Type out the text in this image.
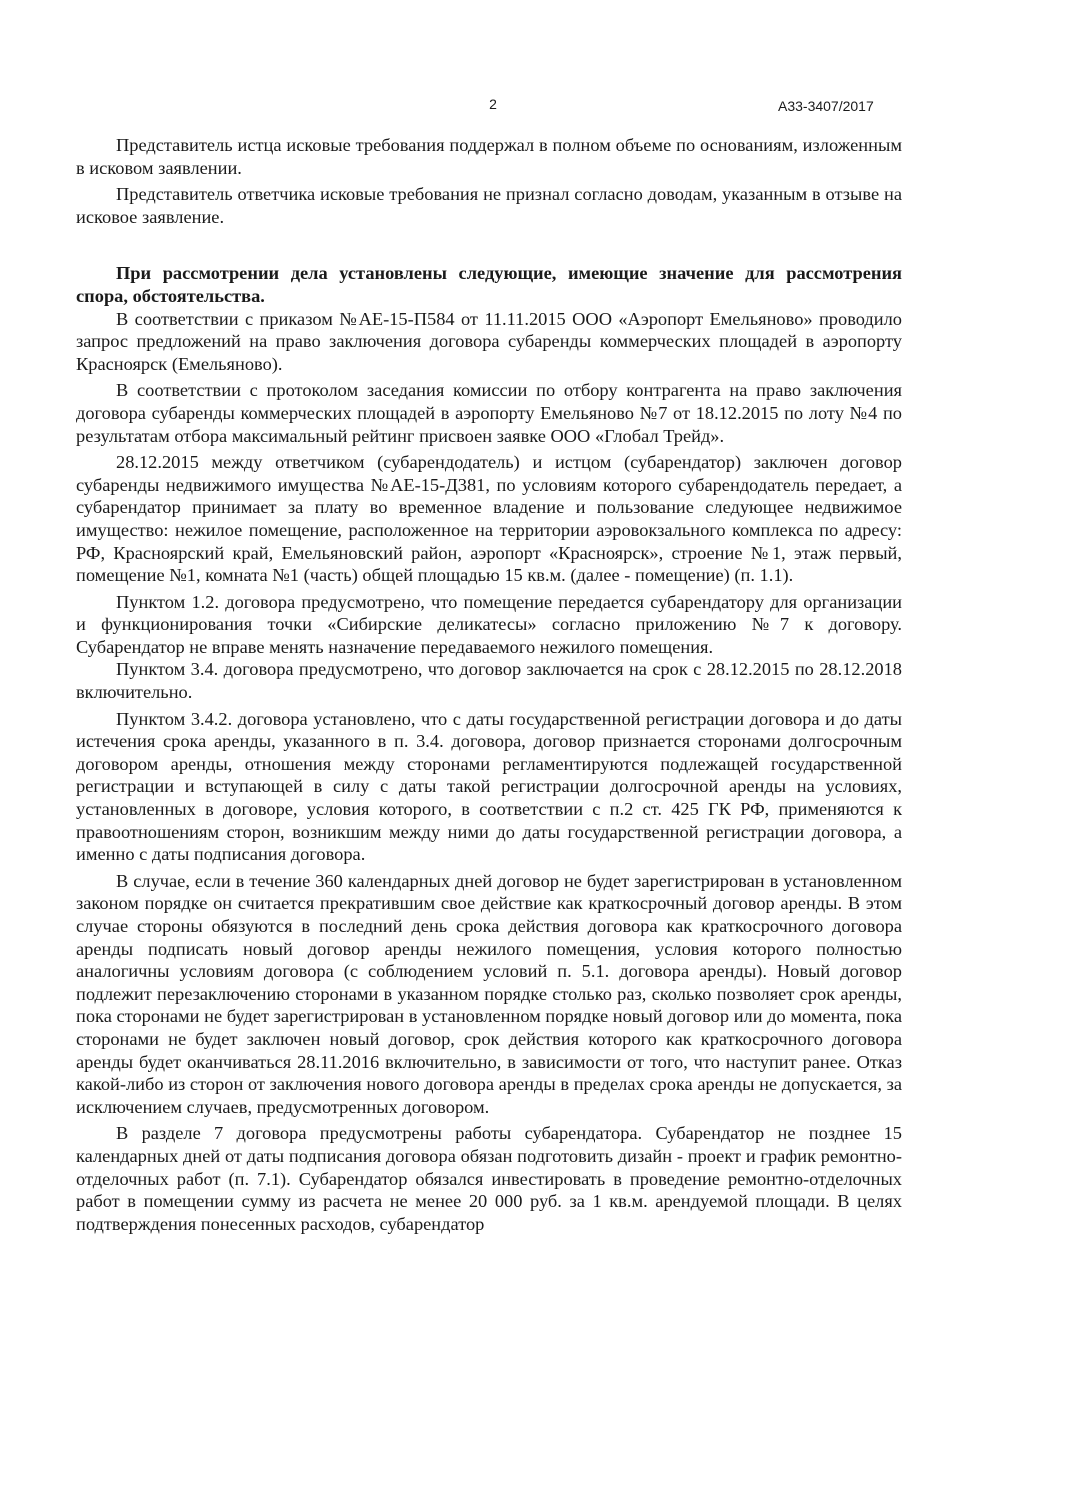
2	А33-3407/2017

Представитель истца исковые требования поддержал в полном объеме по основаниям, изложенным в исковом заявлении.

Представитель ответчика исковые требования не признал согласно доводам, указанным в отзыве на исковое заявление.

При рассмотрении дела установлены следующие, имеющие значение для рассмотрения спора, обстоятельства.

В соответствии с приказом №АЕ-15-П584 от 11.11.2015 ООО «Аэропорт Емельяново» проводило запрос предложений на право заключения договора субаренды коммерческих площадей в аэропорту Красноярск (Емельяново).

В соответствии с протоколом заседания комиссии по отбору контрагента на право заключения договора субаренды коммерческих площадей в аэропорту Емельяново №7 от 18.12.2015 по лоту №4 по результатам отбора максимальный рейтинг присвоен заявке ООО «Глобал Трейд».

28.12.2015 между ответчиком (субарендодатель) и истцом (субарендатор) заключен договор субаренды недвижимого имущества №АЕ-15-Д381, по условиям которого субарендодатель передает, а субарендатор принимает за плату во временное владение и пользование следующее недвижимое имущество: нежилое помещение, расположенное на территории аэровокзального комплекса по адресу: РФ, Красноярский край, Емельяновский район, аэропорт «Красноярск», строение №1, этаж первый, помещение №1, комната №1 (часть) общей площадью 15 кв.м. (далее - помещение) (п. 1.1).

Пунктом 1.2. договора предусмотрено, что помещение передается субарендатору для организации и функционирования точки «Сибирские деликатесы» согласно приложению №7 к договору. Субарендатор не вправе менять назначение передаваемого нежилого помещения.

Пунктом 3.4. договора предусмотрено, что договор заключается на срок с 28.12.2015 по 28.12.2018 включительно.

Пунктом 3.4.2. договора установлено, что с даты государственной регистрации договора и до даты истечения срока аренды, указанного в п. 3.4. договора, договор признается сторонами долгосрочным договором аренды, отношения между сторонами регламентируются подлежащей государственной регистрации и вступающей в силу с даты такой регистрации долгосрочной аренды на условиях, установленных в договоре, условия которого, в соответствии с п.2 ст. 425 ГК РФ, применяются к правоотношениям сторон, возникшим между ними до даты государственной регистрации договора, а именно с даты подписания договора.

В случае, если в течение 360 календарных дней договор не будет зарегистрирован в установленном законом порядке он считается прекратившим свое действие как краткосрочный договор аренды. В этом случае стороны обязуются в последний день срока действия договора как краткосрочного договора аренды подписать новый договор аренды нежилого помещения, условия которого полностью аналогичны условиям договора (с соблюдением условий п. 5.1. договора аренды). Новый договор подлежит перезаключению сторонами в указанном порядке столько раз, сколько позволяет срок аренды, пока сторонами не будет зарегистрирован в установленном порядке новый договор или до момента, пока сторонами не будет заключен новый договор, срок действия которого как краткосрочного договора аренды будет оканчиваться 28.11.2016 включительно, в зависимости от того, что наступит ранее. Отказ какой-либо из сторон от заключения нового договора аренды в пределах срока аренды не допускается, за исключением случаев, предусмотренных договором.

В разделе 7 договора предусмотрены работы субарендатора. Субарендатор не позднее 15 календарных дней от даты подписания договора обязан подготовить дизайн - проект и график ремонтно-отделочных работ (п. 7.1). Субарендатор обязался инвестировать в проведение ремонтно-отделочных работ в помещении сумму из расчета не менее 20 000 руб. за 1 кв.м. арендуемой площади. В целях подтверждения понесенных расходов, субарендатор
